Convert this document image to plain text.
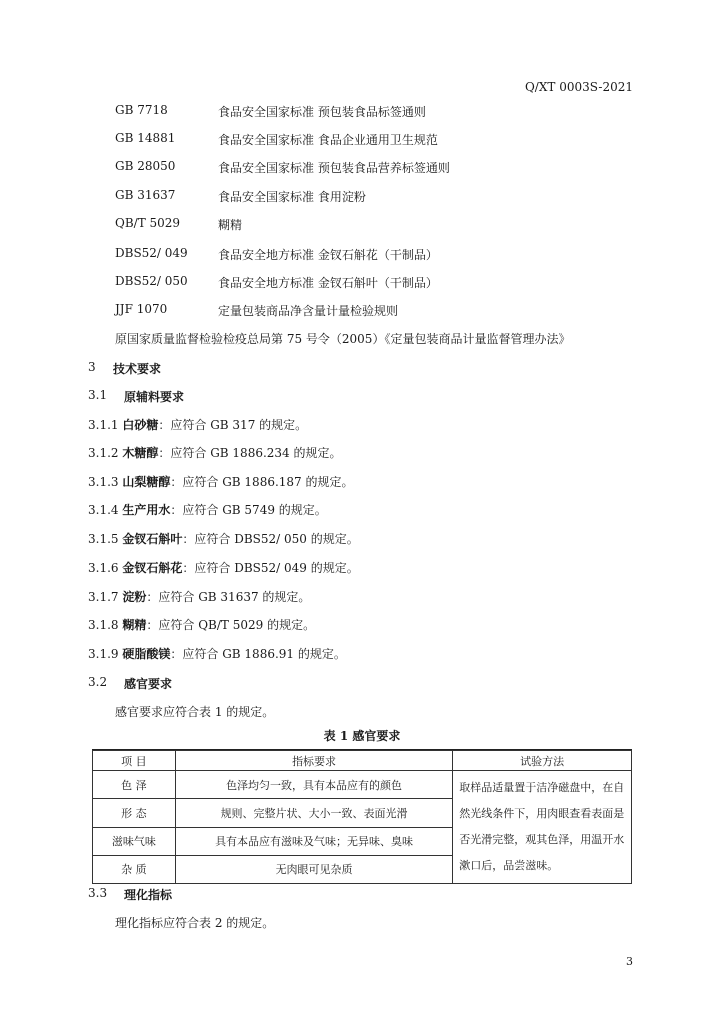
Q/XT 0003S-2021
GB 7718	食品安全国家标准 预包装食品标签通则
GB 14881	食品安全国家标准 食品企业通用卫生规范
GB 28050	食品安全国家标准 预包装食品营养标签通则
GB 31637	食品安全国家标准 食用淀粉
QB/T 5029	糊精
DBS52/ 049	食品安全地方标准 金钗石斛花（干制品）
DBS52/ 050	食品安全地方标准 金钗石斛叶（干制品）
JJF 1070	定量包装商品净含量计量检验规则
原国家质量监督检验检疫总局第 75 号令（2005）《定量包装商品计量监督管理办法》
3 技术要求
3.1 原辅料要求
3.1.1 白砂糖：应符合 GB 317 的规定。
3.1.2 木糖醇：应符合 GB 1886.234 的规定。
3.1.3 山梨糖醇：应符合 GB 1886.187 的规定。
3.1.4 生产用水：应符合 GB 5749 的规定。
3.1.5 金钗石斛叶：应符合 DBS52/ 050 的规定。
3.1.6 金钗石斛花：应符合 DBS52/ 049 的规定。
3.1.7 淀粉：应符合 GB 31637 的规定。
3.1.8 糊精：应符合 QB/T 5029 的规定。
3.1.9 硬脂酸镁：应符合 GB 1886.91 的规定。
3.2 感官要求
感官要求应符合表 1 的规定。
表 1 感官要求
项 目	指标要求	试验方法
色 泽	色泽均匀一致，具有本品应有的颜色	取样品适量置于洁净磁盘中，在自然光线条件下，用肉眼查看表面是否光滑完整，观其色泽，用温开水漱口后，品尝滋味。
形 态	规则、完整片状、大小一致、表面光滑	
滋味气味	具有本品应有滋味及气味；无异味、臭味	
杂 质	无肉眼可见杂质	
3.3 理化指标
理化指标应符合表 2 的规定。
3
